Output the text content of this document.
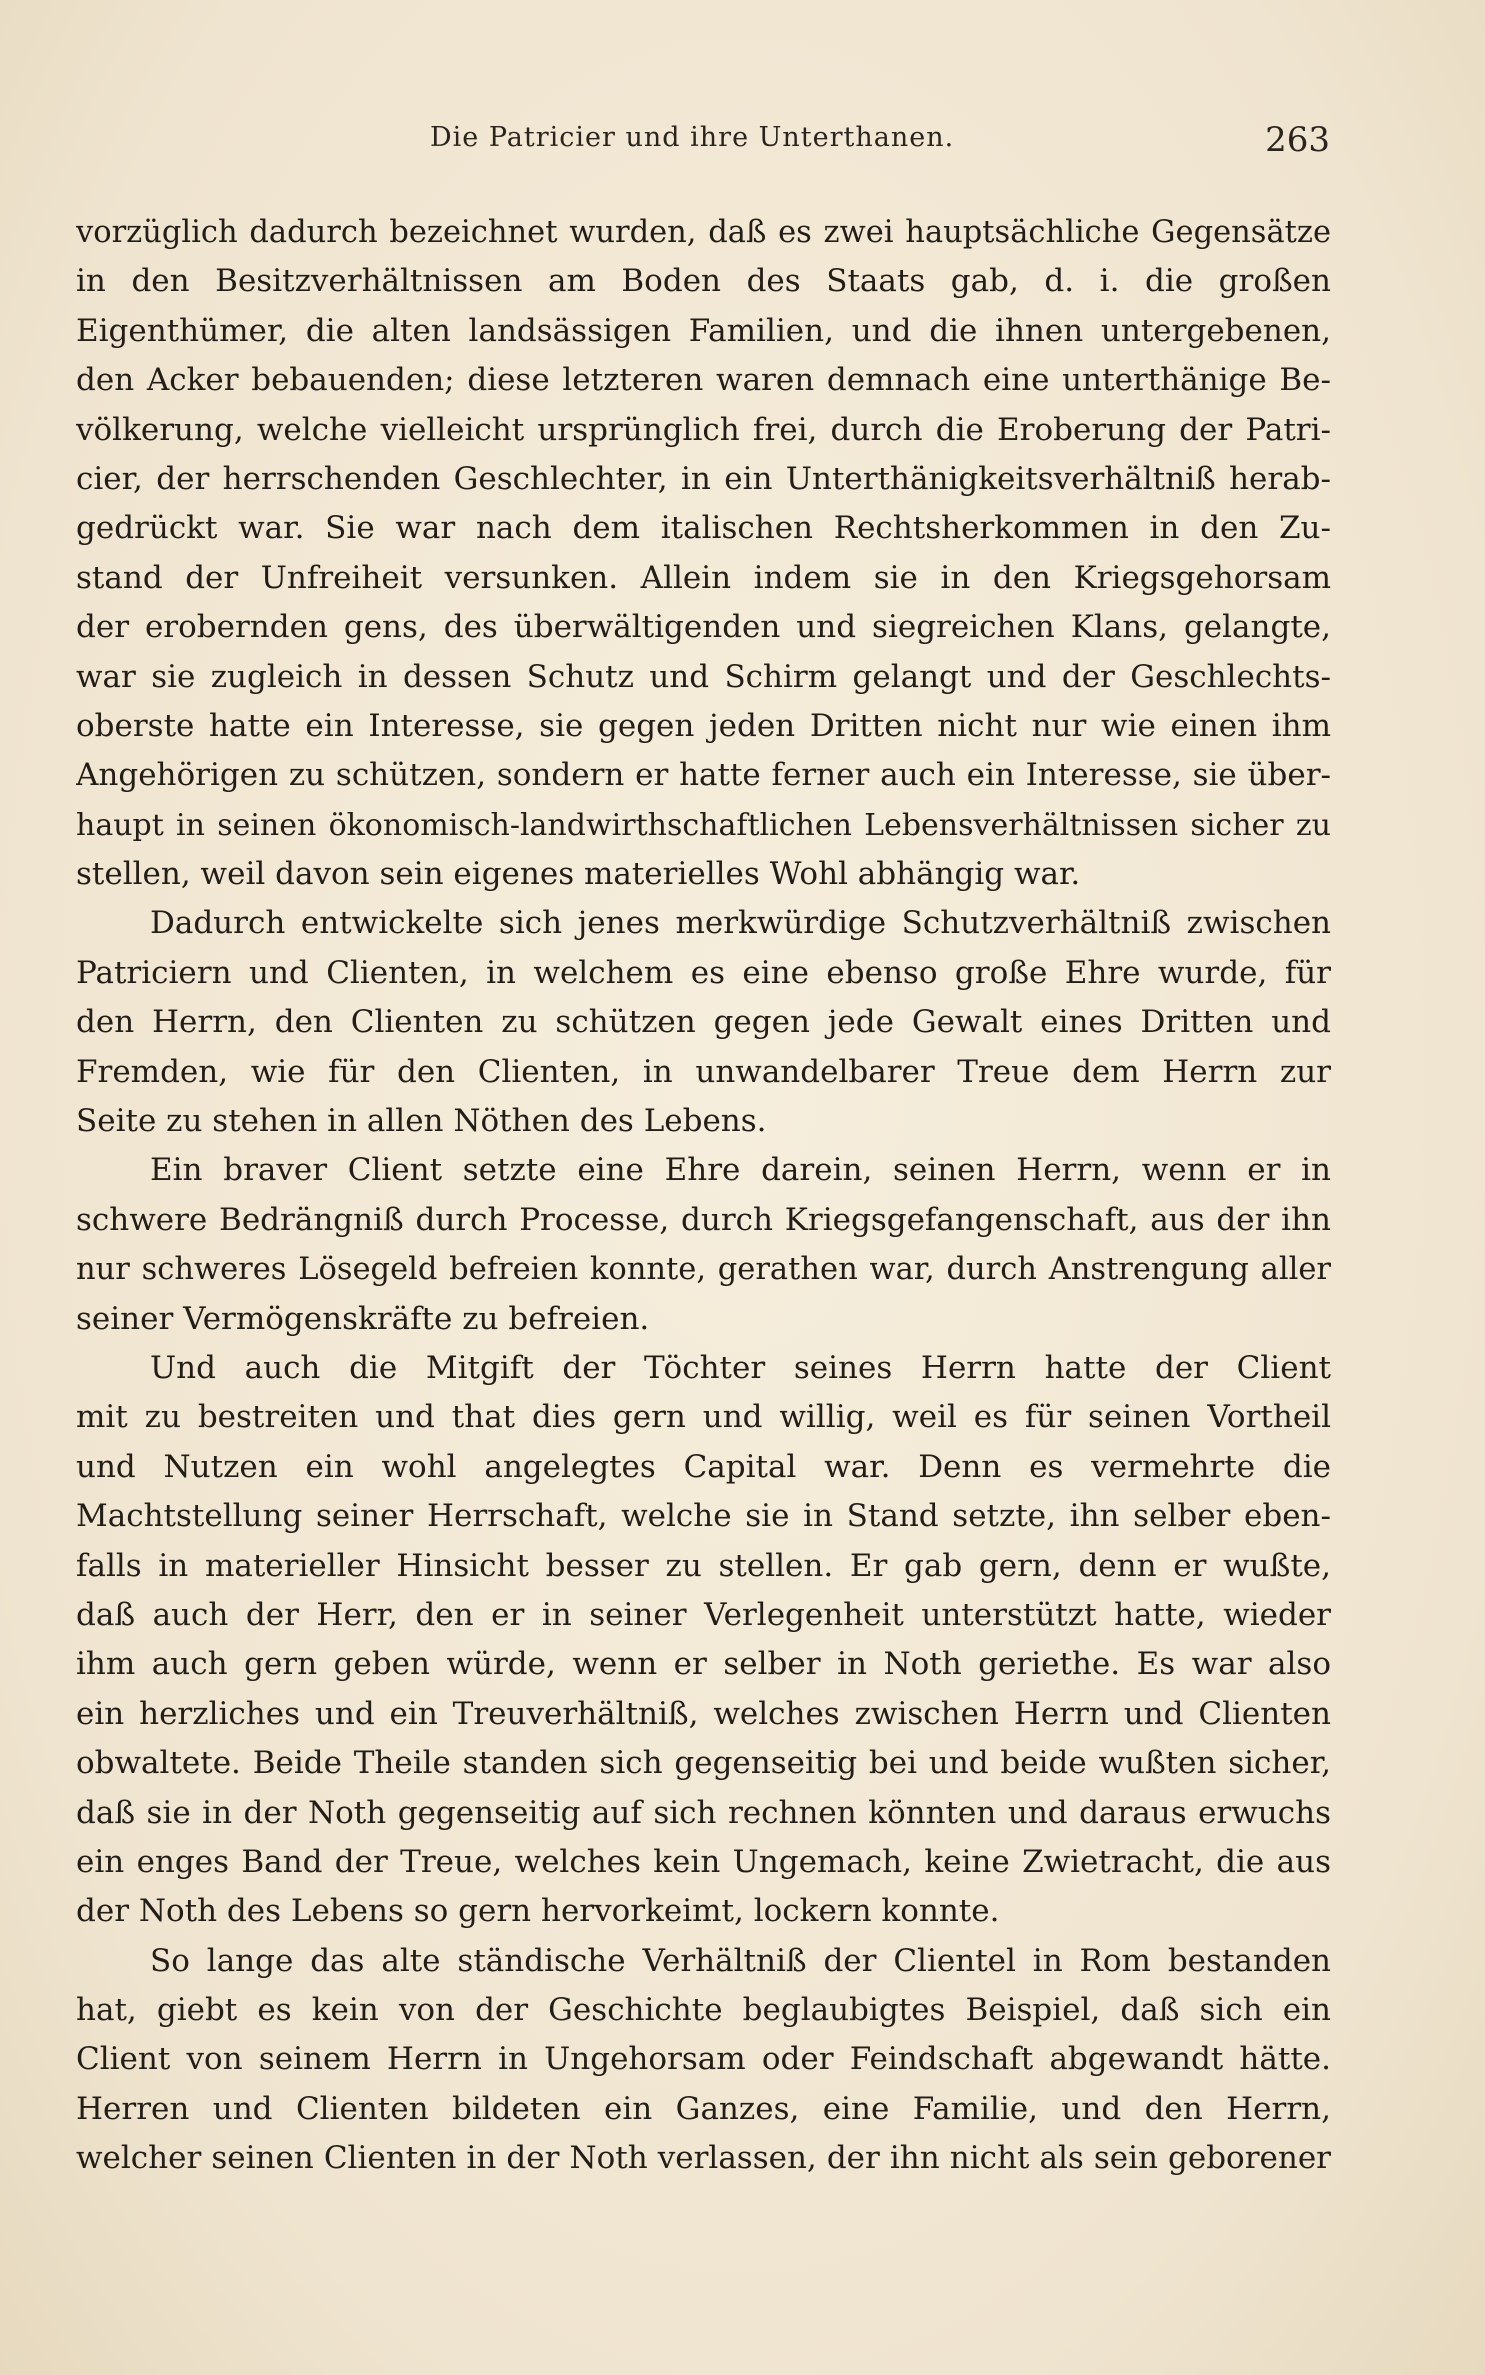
Die Patricier und ihre Unterthanen.	263
vorzüglich dadurch bezeichnet wurden, daß es zwei hauptsächliche Gegensätze
in den Besitzverhältnissen am Boden des Staats gab, d. i. die großen
Eigenthümer, die alten landsässigen Familien, und die ihnen untergebenen,
den Acker bebauenden; diese letzteren waren demnach eine unterthänige Be-
völkerung, welche vielleicht ursprünglich frei, durch die Eroberung der Patri-
cier, der herrschenden Geschlechter, in ein Unterthänigkeitsverhältniß herab-
gedrückt war. Sie war nach dem italischen Rechtsherkommen in den Zu-
stand der Unfreiheit versunken. Allein indem sie in den Kriegsgehorsam
der erobernden gens, des überwältigenden und siegreichen Klans, gelangte,
war sie zugleich in dessen Schutz und Schirm gelangt und der Geschlechts-
oberste hatte ein Interesse, sie gegen jeden Dritten nicht nur wie einen ihm
Angehörigen zu schützen, sondern er hatte ferner auch ein Interesse, sie über-
haupt in seinen ökonomisch-landwirthschaftlichen Lebensverhältnissen sicher zu
stellen, weil davon sein eigenes materielles Wohl abhängig war.
Dadurch entwickelte sich jenes merkwürdige Schutzverhältniß zwischen
Patriciern und Clienten, in welchem es eine ebenso große Ehre wurde, für
den Herrn, den Clienten zu schützen gegen jede Gewalt eines Dritten und
Fremden, wie für den Clienten, in unwandelbarer Treue dem Herrn zur
Seite zu stehen in allen Nöthen des Lebens.
Ein braver Client setzte eine Ehre darein, seinen Herrn, wenn er in
schwere Bedrängniß durch Processe, durch Kriegsgefangenschaft, aus der ihn
nur schweres Lösegeld befreien konnte, gerathen war, durch Anstrengung aller
seiner Vermögenskräfte zu befreien.
Und auch die Mitgift der Töchter seines Herrn hatte der Client
mit zu bestreiten und that dies gern und willig, weil es für seinen Vortheil
und Nutzen ein wohl angelegtes Capital war. Denn es vermehrte die
Machtstellung seiner Herrschaft, welche sie in Stand setzte, ihn selber eben-
falls in materieller Hinsicht besser zu stellen. Er gab gern, denn er wußte,
daß auch der Herr, den er in seiner Verlegenheit unterstützt hatte, wieder
ihm auch gern geben würde, wenn er selber in Noth geriethe. Es war also
ein herzliches und ein Treuverhältniß, welches zwischen Herrn und Clienten
obwaltete. Beide Theile standen sich gegenseitig bei und beide wußten sicher,
daß sie in der Noth gegenseitig auf sich rechnen könnten und daraus erwuchs
ein enges Band der Treue, welches kein Ungemach, keine Zwietracht, die aus
der Noth des Lebens so gern hervorkeimt, lockern konnte.
So lange das alte ständische Verhältniß der Clientel in Rom bestanden
hat, giebt es kein von der Geschichte beglaubigtes Beispiel, daß sich ein
Client von seinem Herrn in Ungehorsam oder Feindschaft abgewandt hätte.
Herren und Clienten bildeten ein Ganzes, eine Familie, und den Herrn,
welcher seinen Clienten in der Noth verlassen, der ihn nicht als sein geborener
